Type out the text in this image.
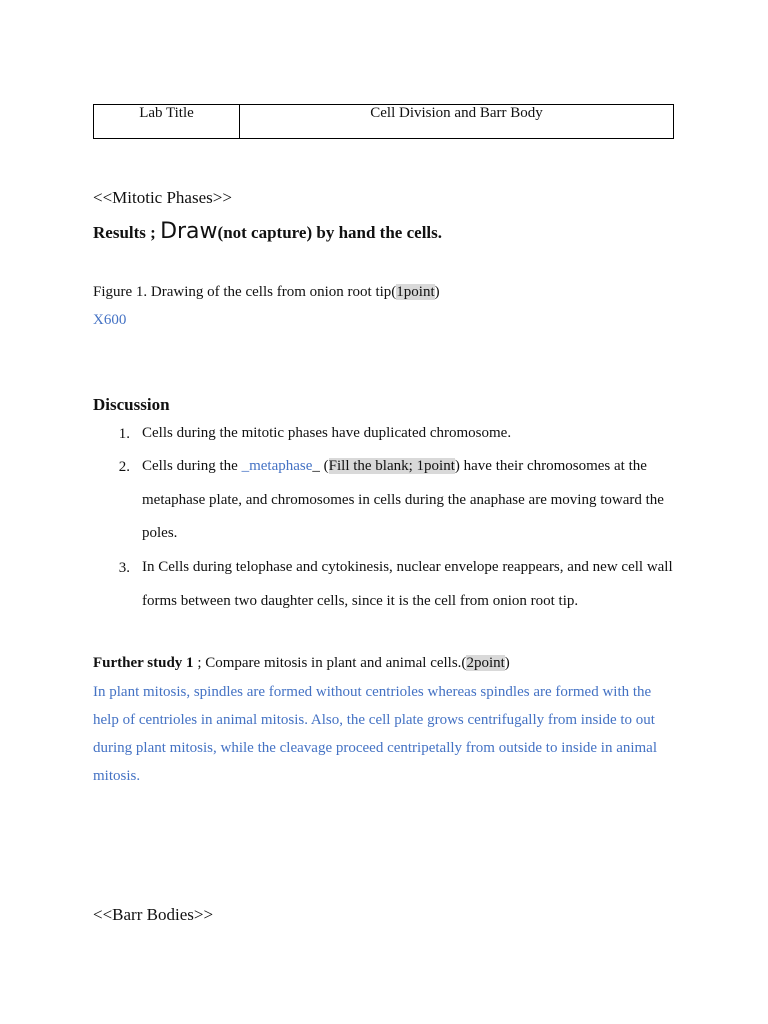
Lab Title	Cell Division and Barr Body
<<Mitotic Phases>>
Results ; Draw(not capture) by hand the cells.
Figure 1. Drawing of the cells from onion root tip(1point)
X600
Discussion
1. Cells during the mitotic phases have duplicated chromosome.
2. Cells during the _metaphase_ (Fill the blank; 1point) have their chromosomes at the metaphase plate, and chromosomes in cells during the anaphase are moving toward the poles.
3. In Cells during telophase and cytokinesis, nuclear envelope reappears, and new cell wall forms between two daughter cells, since it is the cell from onion root tip.
Further study 1 ; Compare mitosis in plant and animal cells.(2point)
In plant mitosis, spindles are formed without centrioles whereas spindles are formed with the help of centrioles in animal mitosis. Also, the cell plate grows centrifugally from inside to out during plant mitosis, while the cleavage proceed centripetally from outside to inside in animal mitosis.
<<Barr Bodies>>
